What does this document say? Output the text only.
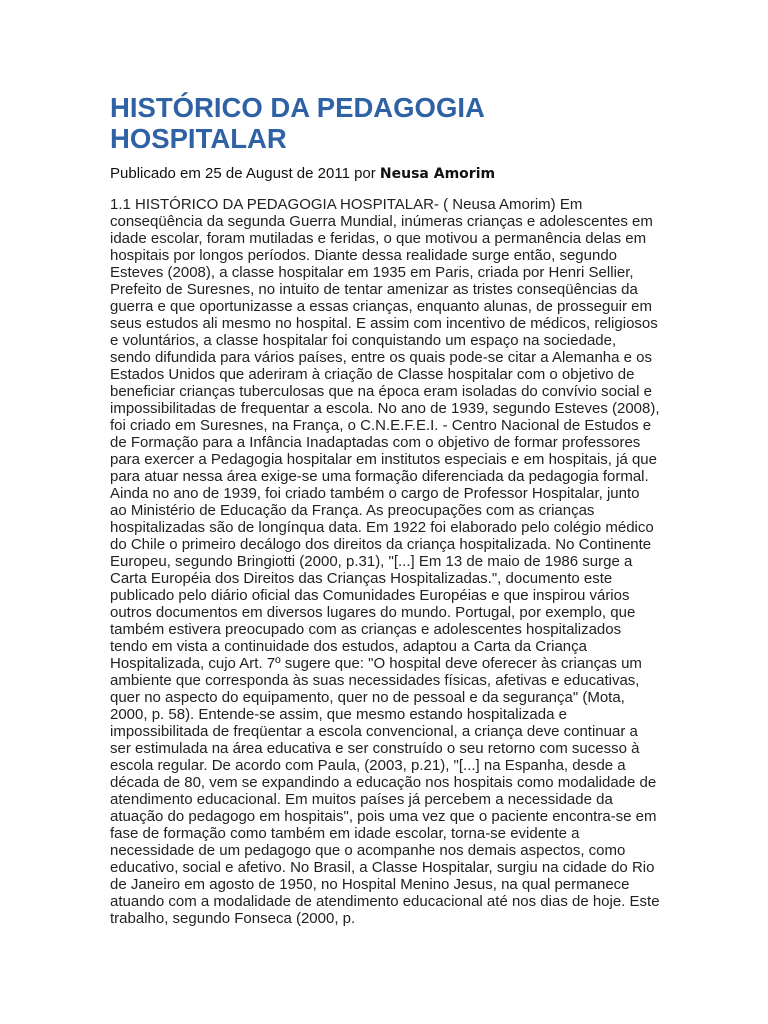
HISTÓRICO DA PEDAGOGIA
HOSPITALAR

Publicado em 25 de August de 2011 por Neusa Amorim

1.1 HISTÓRICO DA PEDAGOGIA HOSPITALAR- ( Neusa Amorim) Em conseqüência da segunda Guerra Mundial, inúmeras crianças e adolescentes em idade escolar, foram mutiladas e feridas, o que motivou a permanência delas em hospitais por longos períodos. Diante dessa realidade surge então, segundo Esteves (2008), a classe hospitalar em 1935 em Paris, criada por Henri Sellier, Prefeito de Suresnes, no intuito de tentar amenizar as tristes conseqüências da guerra e que oportunizasse a essas crianças, enquanto alunas, de prosseguir em seus estudos ali mesmo no hospital. E assim com incentivo de médicos, religiosos e voluntários, a classe hospitalar foi conquistando um espaço na sociedade, sendo difundida para vários países, entre os quais pode-se citar a Alemanha e os Estados Unidos que aderiram à criação de Classe hospitalar com o objetivo de beneficiar crianças tuberculosas que na época eram isoladas do convívio social e impossibilitadas de frequentar a escola. No ano de 1939, segundo Esteves (2008), foi criado em Suresnes, na França, o C.N.E.F.E.I. - Centro Nacional de Estudos e de Formação para a Infância Inadaptadas com o objetivo de formar professores para exercer a Pedagogia hospitalar em institutos especiais e em hospitais, já que para atuar nessa área exige-se uma formação diferenciada da pedagogia formal. Ainda no ano de 1939, foi criado também o cargo de Professor Hospitalar, junto ao Ministério de Educação da França. As preocupações com as crianças hospitalizadas são de longínqua data. Em 1922 foi elaborado pelo colégio médico do Chile o primeiro decálogo dos direitos da criança hospitalizada. No Continente Europeu, segundo Bringiotti (2000, p.31), "[...] Em 13 de maio de 1986 surge a Carta Européia dos Direitos das Crianças Hospitalizadas.", documento este publicado pelo diário oficial das Comunidades Européias e que inspirou vários outros documentos em diversos lugares do mundo. Portugal, por exemplo, que também estivera preocupado com as crianças e adolescentes hospitalizados tendo em vista a continuidade dos estudos, adaptou a Carta da Criança Hospitalizada, cujo Art. 7º sugere que: "O hospital deve oferecer às crianças um ambiente que corresponda às suas necessidades físicas, afetivas e educativas, quer no aspecto do equipamento, quer no de pessoal e da segurança" (Mota, 2000, p. 58). Entende-se assim, que mesmo estando hospitalizada e impossibilitada de freqüentar a escola convencional, a criança deve continuar a ser estimulada na área educativa e ser construído o seu retorno com sucesso à escola regular. De acordo com Paula, (2003, p.21), "[...] na Espanha, desde a década de 80, vem se expandindo a educação nos hospitais como modalidade de atendimento educacional. Em muitos países já percebem a necessidade da atuação do pedagogo em hospitais", pois uma vez que o paciente encontra-se em fase de formação como também em idade escolar, torna-se evidente a necessidade de um pedagogo que o acompanhe nos demais aspectos, como educativo, social e afetivo. No Brasil, a Classe Hospitalar, surgiu na cidade do Rio de Janeiro em agosto de 1950, no Hospital Menino Jesus, na qual permanece atuando com a modalidade de atendimento educacional até nos dias de hoje. Este trabalho, segundo Fonseca (2000, p.
